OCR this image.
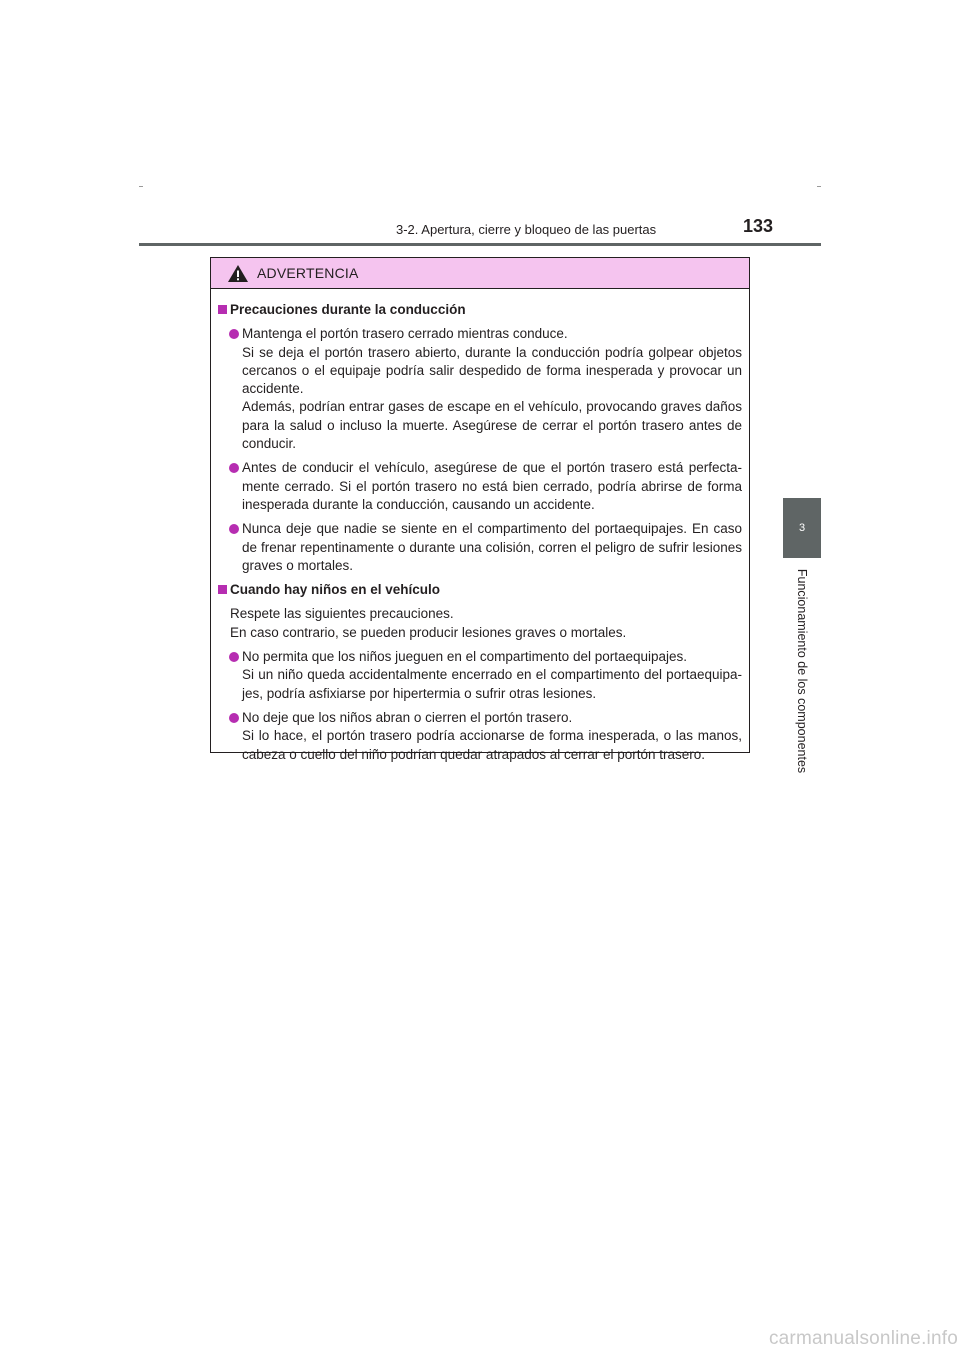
3-2. Apertura, cierre y bloqueo de las puertas	133
3
Funcionamiento de los componentes
ADVERTENCIA
Precauciones durante la conducción
Mantenga el portón trasero cerrado mientras conduce.
Si se deja el portón trasero abierto, durante la conducción podría golpear objetos cercanos o el equipaje podría salir despedido de forma inesperada y provocar un accidente.
Además, podrían entrar gases de escape en el vehículo, provocando graves daños para la salud o incluso la muerte. Asegúrese de cerrar el portón trasero antes de conducir.
Antes de conducir el vehículo, asegúrese de que el portón trasero está perfecta-mente cerrado. Si el portón trasero no está bien cerrado, podría abrirse de forma inesperada durante la conducción, causando un accidente.
Nunca deje que nadie se siente en el compartimento del portaequipajes. En caso de frenar repentinamente o durante una colisión, corren el peligro de sufrir lesiones graves o mortales.
Cuando hay niños en el vehículo
Respete las siguientes precauciones.
En caso contrario, se pueden producir lesiones graves o mortales.
No permita que los niños jueguen en el compartimento del portaequipajes.
Si un niño queda accidentalmente encerrado en el compartimento del portaequipa-jes, podría asfixiarse por hipertermia o sufrir otras lesiones.
No deje que los niños abran o cierren el portón trasero.
Si lo hace, el portón trasero podría accionarse de forma inesperada, o las manos, cabeza o cuello del niño podrían quedar atrapados al cerrar el portón trasero.
carmanualsonline.info
